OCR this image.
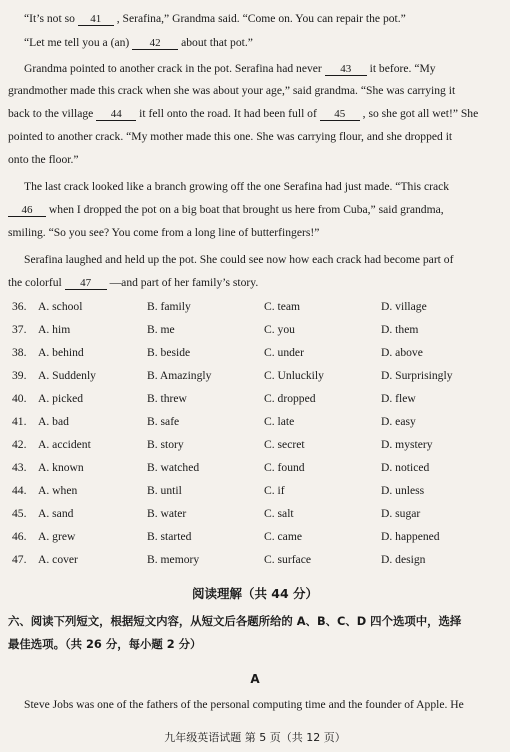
“It’s not so 41 , Serafina,” Grandma said. “Come on. You can repair the pot.”
“Let me tell you a (an) 42 about that pot.”
Grandma pointed to another crack in the pot. Serafina had never 43 it before. “My
grandmother made this crack when she was about your age,” said grandma. “She was carrying it
back to the village 44 it fell onto the road. It had been full of 45 , so she got all wet!” She
pointed to another crack. “My mother made this one. She was carrying flour, and she dropped it
onto the floor.”
The last crack looked like a branch growing off the one Serafina had just made. “This crack
46 when I dropped the pot on a big boat that brought us here from Cuba,” said grandma,
smiling. “So you see? You come from a long line of butterfingers!”
Serafina laughed and held up the pot. She could see now how each crack had become part of
the colorful 47 —and part of her family’s story.
36. A. school	B. family	C. team	D. village
37. A. him	B. me	C. you	D. them
38. A. behind	B. beside	C. under	D. above
39. A. Suddenly	B. Amazingly	C. Unluckily	D. Surprisingly
40. A. picked	B. threw	C. dropped	D. flew
41. A. bad	B. safe	C. late	D. easy
42. A. accident	B. story	C. secret	D. mystery
43. A. known	B. watched	C. found	D. noticed
44. A. when	B. until	C. if	D. unless
45. A. sand	B. water	C. salt	D. sugar
46. A. grew	B. started	C. came	D. happened
47. A. cover	B. memory	C. surface	D. design
阅读理解（共 44 分）
六、阅读下列短文，根据短文内容，从短文后各题所给的 A、B、C、D 四个选项中，选择
最佳选项。（共 26 分，每小题 2 分）
A
Steve Jobs was one of the fathers of the personal computing time and the founder of Apple. He
九年级英语试题 第 5 页（共 12 页）
